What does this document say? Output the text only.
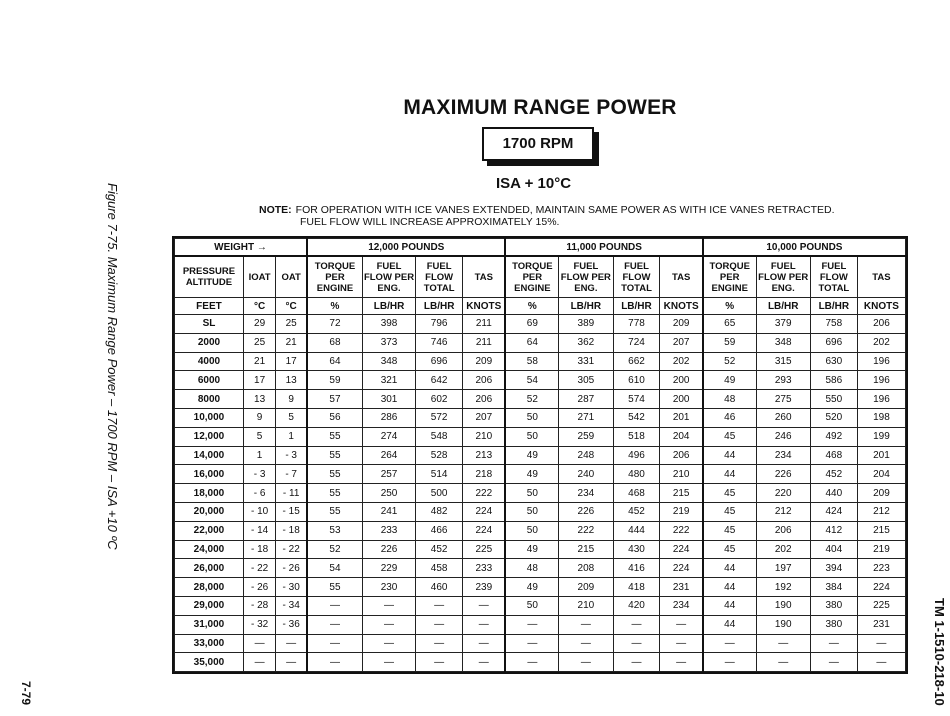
MAXIMUM RANGE POWER
1700 RPM
ISA + 10°C
NOTE: FOR OPERATION WITH ICE VANES EXTENDED, MAINTAIN SAME POWER AS WITH ICE VANES RETRACTED.
FUEL FLOW WILL INCREASE APPROXIMATELY 15%.
Figure 7-75. Maximum Range Power – 1700 RPM – ISA +10 ºC
TM 1-1510-218-10
7-79
WEIGHT →			12,000 POUNDS				11,000 POUNDS				10,000 POUNDS			
PRESSURE ALTITUDE	IOAT	OAT	TORQUE PER ENGINE	FUEL FLOW PER ENG.	FUEL FLOW TOTAL	TAS	TORQUE PER ENGINE	FUEL FLOW PER ENG.	FUEL FLOW TOTAL	TAS	TORQUE PER ENGINE	FUEL FLOW PER ENG.	FUEL FLOW TOTAL	TAS
FEET	°C	°C	%	LB/HR	LB/HR	KNOTS	%	LB/HR	LB/HR	KNOTS	%	LB/HR	LB/HR	KNOTS
SL	29	25	72	398	796	211	69	389	778	209	65	379	758	206
2000	25	21	68	373	746	211	64	362	724	207	59	348	696	202
4000	21	17	64	348	696	209	58	331	662	202	52	315	630	196
6000	17	13	59	321	642	206	54	305	610	200	49	293	586	196
8000	13	9	57	301	602	206	52	287	574	200	48	275	550	196
10,000	9	5	56	286	572	207	50	271	542	201	46	260	520	198
12,000	5	1	55	274	548	210	50	259	518	204	45	246	492	199
14,000	1	- 3	55	264	528	213	49	248	496	206	44	234	468	201
16,000	- 3	- 7	55	257	514	218	49	240	480	210	44	226	452	204
18,000	- 6	- 11	55	250	500	222	50	234	468	215	45	220	440	209
20,000	- 10	- 15	55	241	482	224	50	226	452	219	45	212	424	212
22,000	- 14	- 18	53	233	466	224	50	222	444	222	45	206	412	215
24,000	- 18	- 22	52	226	452	225	49	215	430	224	45	202	404	219
26,000	- 22	- 26	54	229	458	233	48	208	416	224	44	197	394	223
28,000	- 26	- 30	55	230	460	239	49	209	418	231	44	192	384	224
29,000	- 28	- 34	—	—	—	—	50	210	420	234	44	190	380	225
31,000	- 32	- 36	—	—	—	—	—	—	—	—	44	190	380	231
33,000	—	—	—	—	—	—	—	—	—	—	—	—	—	—
35,000	—	—	—	—	—	—	—	—	—	—	—	—	—	—
